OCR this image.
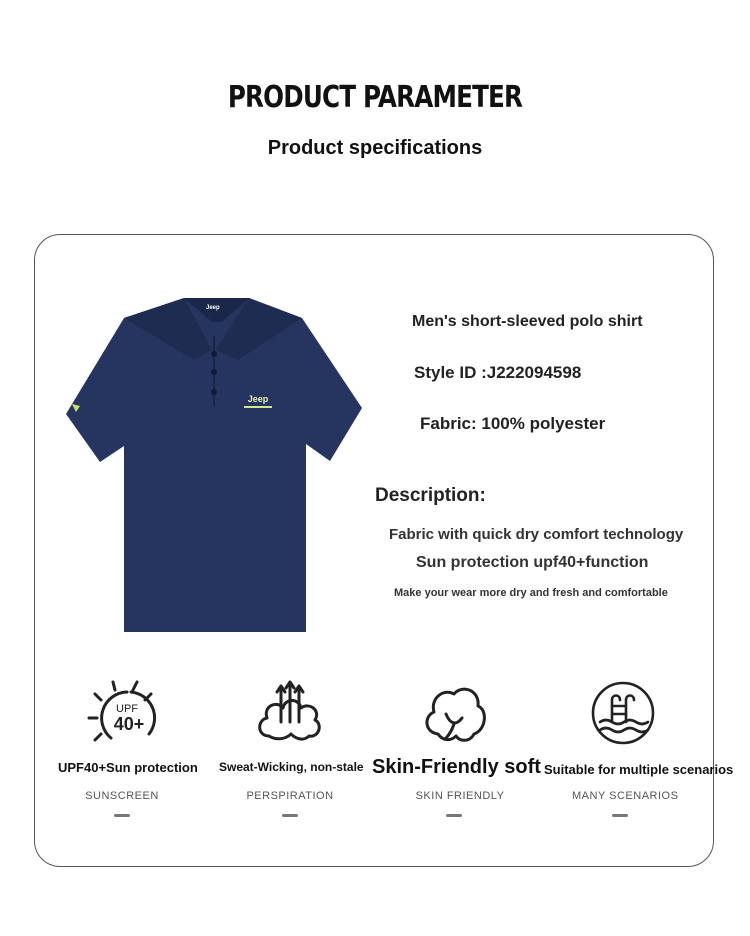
PRODUCT PARAMETER
Product specifications
Jeep
Jeep
Men's short-sleeved polo shirt
Style ID :J222094598
Fabric: 100% polyester
Description:
Fabric with quick dry comfort technology
Sun protection upf40+function
Make your wear more dry and fresh and comfortable
UPF
40+
UPF40+Sun protection
SUNSCREEN
Sweat-Wicking, non-stale
PERSPIRATION
Skin-Friendly soft
SKIN FRIENDLY
Suitable for multiple scenarios
MANY SCENARIOS
